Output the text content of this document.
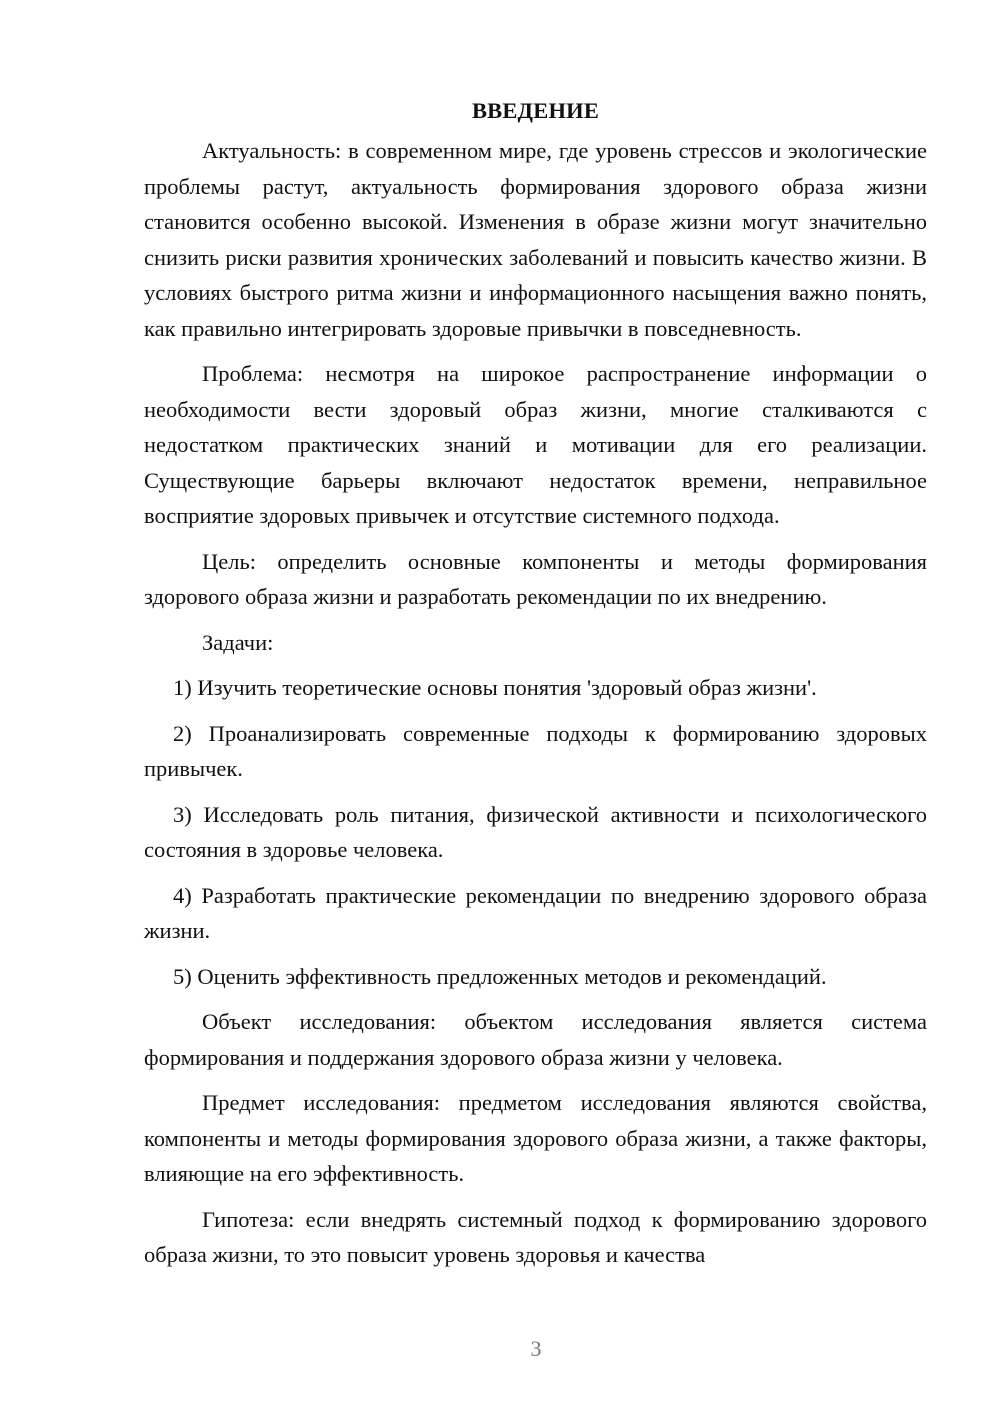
ВВЕДЕНИЕ

Актуальность: в современном мире, где уровень стрессов и экологические проблемы растут, актуальность формирования здорового образа жизни становится особенно высокой. Изменения в образе жизни могут значительно снизить риски развития хронических заболеваний и повысить качество жизни. В условиях быстрого ритма жизни и информационного насыщения важно понять, как правильно интегрировать здоровые привычки в повседневность.

Проблема: несмотря на широкое распространение информации о необходимости вести здоровый образ жизни, многие сталкиваются с недостатком практических знаний и мотивации для его реализации. Существующие барьеры включают недостаток времени, неправильное восприятие здоровых привычек и отсутствие системного подхода.

Цель: определить основные компоненты и методы формирования здорового образа жизни и разработать рекомендации по их внедрению.

Задачи:

1) Изучить теоретические основы понятия 'здоровый образ жизни'.

2) Проанализировать современные подходы к формированию здоровых привычек.

3) Исследовать роль питания, физической активности и психологического состояния в здоровье человека.

4) Разработать практические рекомендации по внедрению здорового образа жизни.

5) Оценить эффективность предложенных методов и рекомендаций.

Объект исследования: объектом исследования является система формирования и поддержания здорового образа жизни у человека.

Предмет исследования: предметом исследования являются свойства, компоненты и методы формирования здорового образа жизни, а также факторы, влияющие на его эффективность.

Гипотеза: если внедрять системный подход к формированию здорового образа жизни, то это повысит уровень здоровья и качества

3
